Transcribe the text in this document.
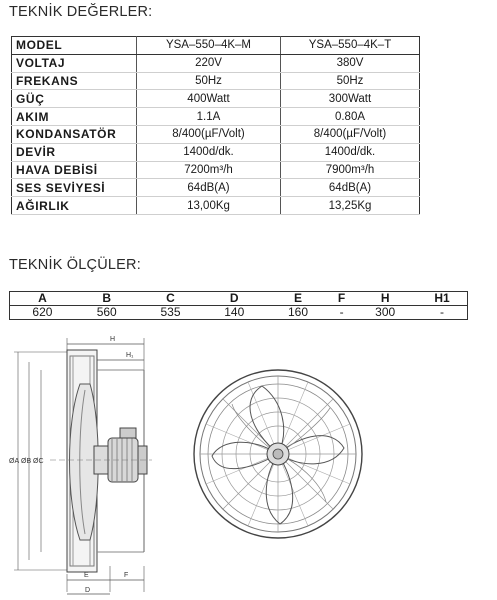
TEKNİK DEĞERLER:
MODEL	YSA–550–4K–M	YSA–550–4K–T
VOLTAJ	220V	380V
FREKANS	50Hz	50Hz
GÜÇ	400Watt	300Watt
AKIM	1.1A	0.80A
KONDANSATÖR	8/400(µF/Volt)	8/400(µF/Volt)
DEVİR	1400d/dk.	1400d/dk.
HAVA DEBİSİ	7200m³/h	7900m³/h
SES SEVİYESİ	64dB(A)	64dB(A)
AĞIRLIK	13,00Kg	13,25Kg
TEKNİK ÖLÇÜLER:
A	B	C	D	E	F	H	H1
620	560	535	140	160	-	300	-
H
H₁
ØA ØB ØC
E	F
D
